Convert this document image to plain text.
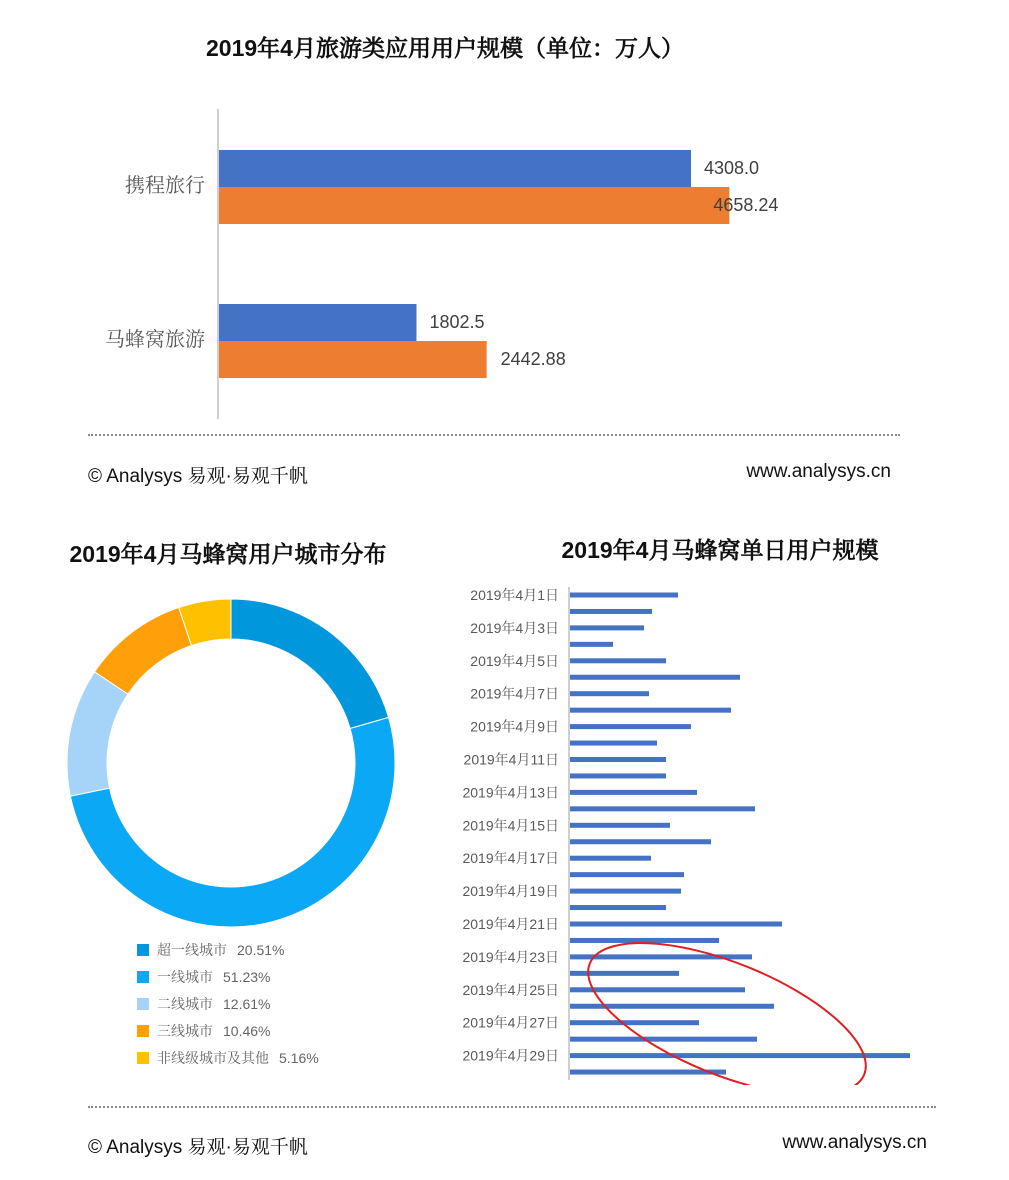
2019年4月旅游类应用用户规模（单位：万人）
携程旅行
4308.0
4658.24
马蜂窝旅游
1802.5
2442.88
© Analysys 易观·易观千帆	www.analysys.cn
2019年4月马蜂窝用户城市分布
超一线城市 20.51%
一线城市 51.23%
二线城市 12.61%
三线城市 10.46%
非线级城市及其他 5.16%
2019年4月马蜂窝单日用户规模
2019年4月1日
2019年4月3日
2019年4月5日
2019年4月7日
2019年4月9日
2019年4月11日
2019年4月13日
2019年4月15日
2019年4月17日
2019年4月19日
2019年4月21日
2019年4月23日
2019年4月25日
2019年4月27日
2019年4月29日
© Analysys 易观·易观千帆	www.analysys.cn
